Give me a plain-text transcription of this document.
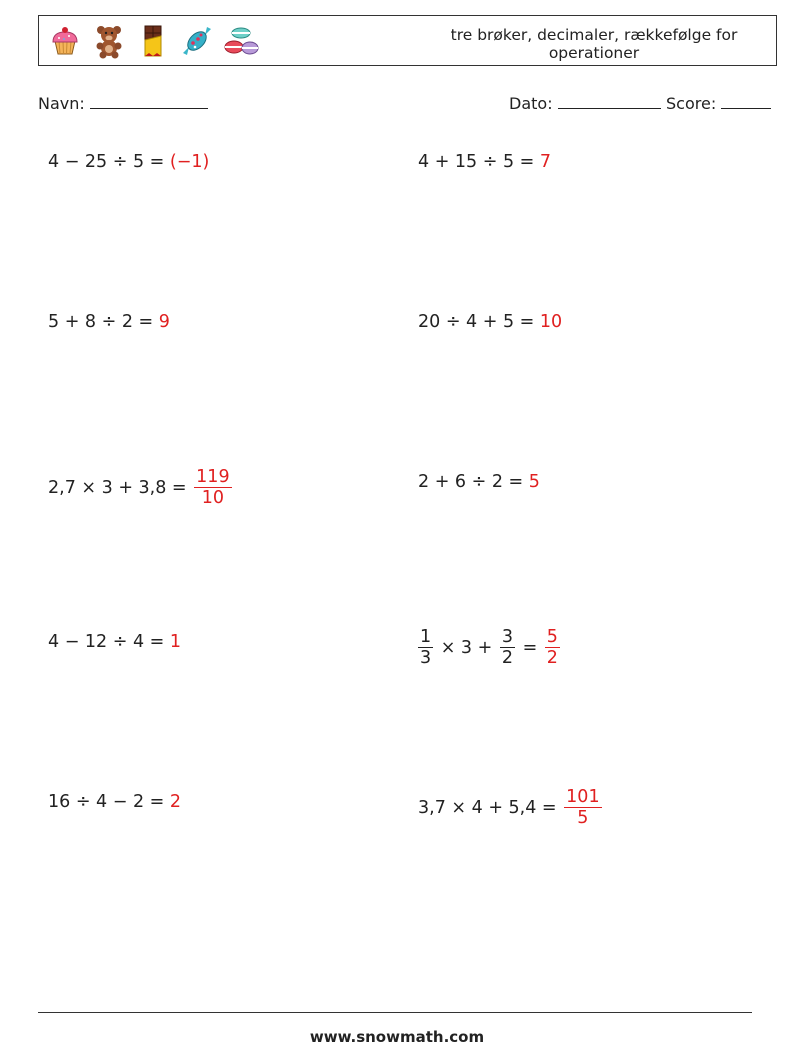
tre brøker, decimaler, rækkefølge for operationer
Navn:	Dato:	Score:
4 − 25 ÷ 5 = (−1)	4 + 15 ÷ 5 = 7
5 + 8 ÷ 2 = 9	20 ÷ 4 + 5 = 10
$2,7 \times 3 + 3,8 = \frac{119}{10}$	2 + 6 ÷ 2 = 5
4 − 12 ÷ 4 = 1	$\frac{1}{3} \times 3 + \frac{3}{2} = \frac{5}{2}$
16 ÷ 4 − 2 = 2	$3,7 \times 4 + 5,4 = \frac{101}{5}$
www.snowmath.com
